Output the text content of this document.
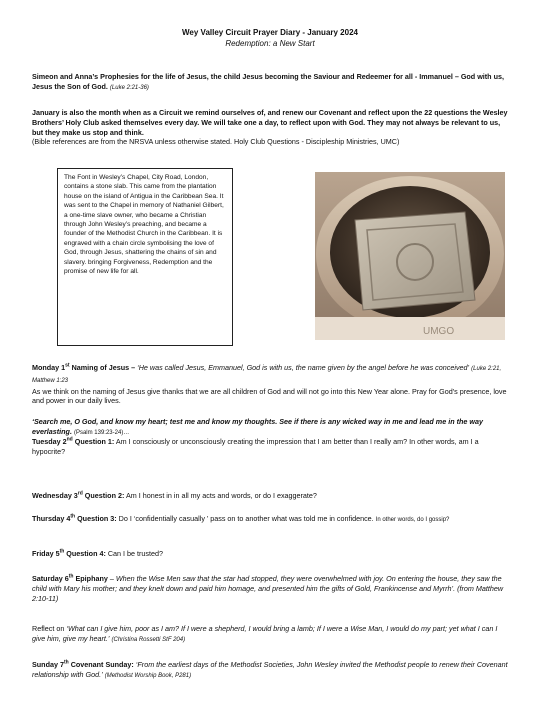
Wey Valley Circuit Prayer Diary - January 2024
Redemption: a New Start
Simeon and Anna’s Prophesies for the life of Jesus, the child Jesus becoming the Saviour and Redeemer for all - Immanuel – God with us, Jesus the Son of God. (Luke 2:21-36)
January is also the month when as a Circuit we remind ourselves of, and renew our Covenant and reflect upon the 22 questions the Wesley Brothers’ Holy Club asked themselves every day. We will take one a day, to reflect upon with God. They may not always be relevant to us, but they make us stop and think.
(Bible references are from the NRSVA unless otherwise stated. Holy Club Questions - Discipleship Ministries, UMC)
The Font in Wesley’s Chapel, City Road, London, contains a stone slab. This came from the plantation house on the island of Antigua in the Caribbean Sea. It was sent to the Chapel in memory of Nathaniel Gilbert, a one-time slave owner, who became a Christian through John Wesley’s preaching, and became a founder of the Methodist Church in the Caribbean. It is engraved with a chain circle symbolising the love of God, through Jesus, shattering the chains of sin and slavery. bringing Forgiveness, Redemption and the promise of new life for all.
UMGO
Monday 1st Naming of Jesus – ‘He was called Jesus, Emmanuel, God is with us, the name given by the angel before he was conceived’ (Luke 2:21, Matthew 1:23
As we think on the naming of Jesus give thanks that we are all children of God and will not go into this New Year alone. Pray for God’s presence, love and power in our daily lives.
‘Search me, O God, and know my heart; test me and know my thoughts. See if there is any wicked way in me and lead me in the way everlasting. (Psalm 139:23-24)…
Tuesday 2nd Question 1: Am I consciously or unconsciously creating the impression that I am better than I really am? In other words, am I a hypocrite?
Wednesday 3rd Question 2: Am I honest in in all my acts and words, or do I exaggerate?
Thursday 4th Question 3: Do I ‘confidentially casually ’ pass on to another what was told me in confidence. In other words, do I gossip?
Friday 5th Question 4: Can I be trusted?
Saturday 6th Epiphany – When the Wise Men saw that the star had stopped, they were overwhelmed with joy. On entering the house, they saw the child with Mary his mother; and they knelt down and paid him homage, and presented him the gifts of Gold, Frankincense and Myrrh’. (from Matthew 2:10-11)
Reflect on ‘What can I give him, poor as I am? If I were a shepherd, I would bring a lamb; If I were a Wise Man, I would do my part; yet what I can I give him, give my heart.’ (Christina Rossetti StF 204)
Sunday 7th Covenant Sunday: ‘From the earliest days of the Methodist Societies, John Wesley invited the Methodist people to renew their Covenant relationship with God.’ (Methodist Worship Book, P281)
